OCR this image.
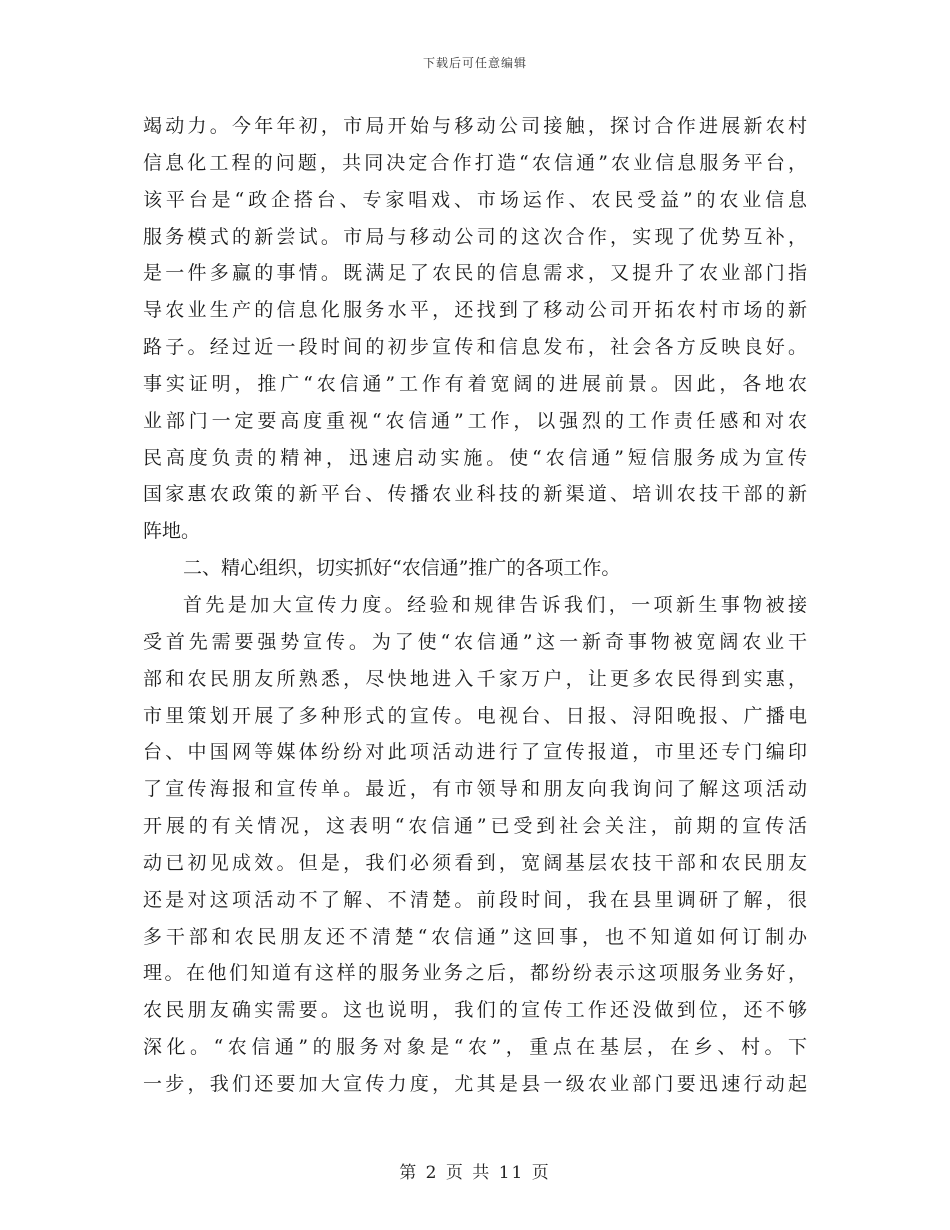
下载后可任意编辑
竭动力。今年年初，市局开始与移动公司接触，探讨合作进展新农村
信息化工程的问题，共同决定合作打造“农信通”农业信息服务平台，
该平台是“政企搭台、专家唱戏、市场运作、农民受益”的农业信息
服务模式的新尝试。市局与移动公司的这次合作，实现了优势互补，
是一件多赢的事情。既满足了农民的信息需求，又提升了农业部门指
导农业生产的信息化服务水平，还找到了移动公司开拓农村市场的新
路子。经过近一段时间的初步宣传和信息发布，社会各方反映良好。
事实证明，推广“农信通”工作有着宽阔的进展前景。因此，各地农
业部门一定要高度重视“农信通”工作，以强烈的工作责任感和对农
民高度负责的精神，迅速启动实施。使“农信通”短信服务成为宣传
国家惠农政策的新平台、传播农业科技的新渠道、培训农技干部的新
阵地。
二、精心组织，切实抓好“农信通”推广的各项工作。
首先是加大宣传力度。经验和规律告诉我们，一项新生事物被接
受首先需要强势宣传。为了使“农信通”这一新奇事物被宽阔农业干
部和农民朋友所熟悉，尽快地进入千家万户，让更多农民得到实惠，
市里策划开展了多种形式的宣传。电视台、日报、浔阳晚报、广播电
台、中国网等媒体纷纷对此项活动进行了宣传报道，市里还专门编印
了宣传海报和宣传单。最近，有市领导和朋友向我询问了解这项活动
开展的有关情况，这表明“农信通”已受到社会关注，前期的宣传活
动已初见成效。但是，我们必须看到，宽阔基层农技干部和农民朋友
还是对这项活动不了解、不清楚。前段时间，我在县里调研了解，很
多干部和农民朋友还不清楚“农信通”这回事，也不知道如何订制办
理。在他们知道有这样的服务业务之后，都纷纷表示这项服务业务好，
农民朋友确实需要。这也说明，我们的宣传工作还没做到位，还不够
深化。“农信通”的服务对象是“农”，重点在基层，在乡、村。下
一步，我们还要加大宣传力度，尤其是县一级农业部门要迅速行动起
第 2 页 共 11 页
